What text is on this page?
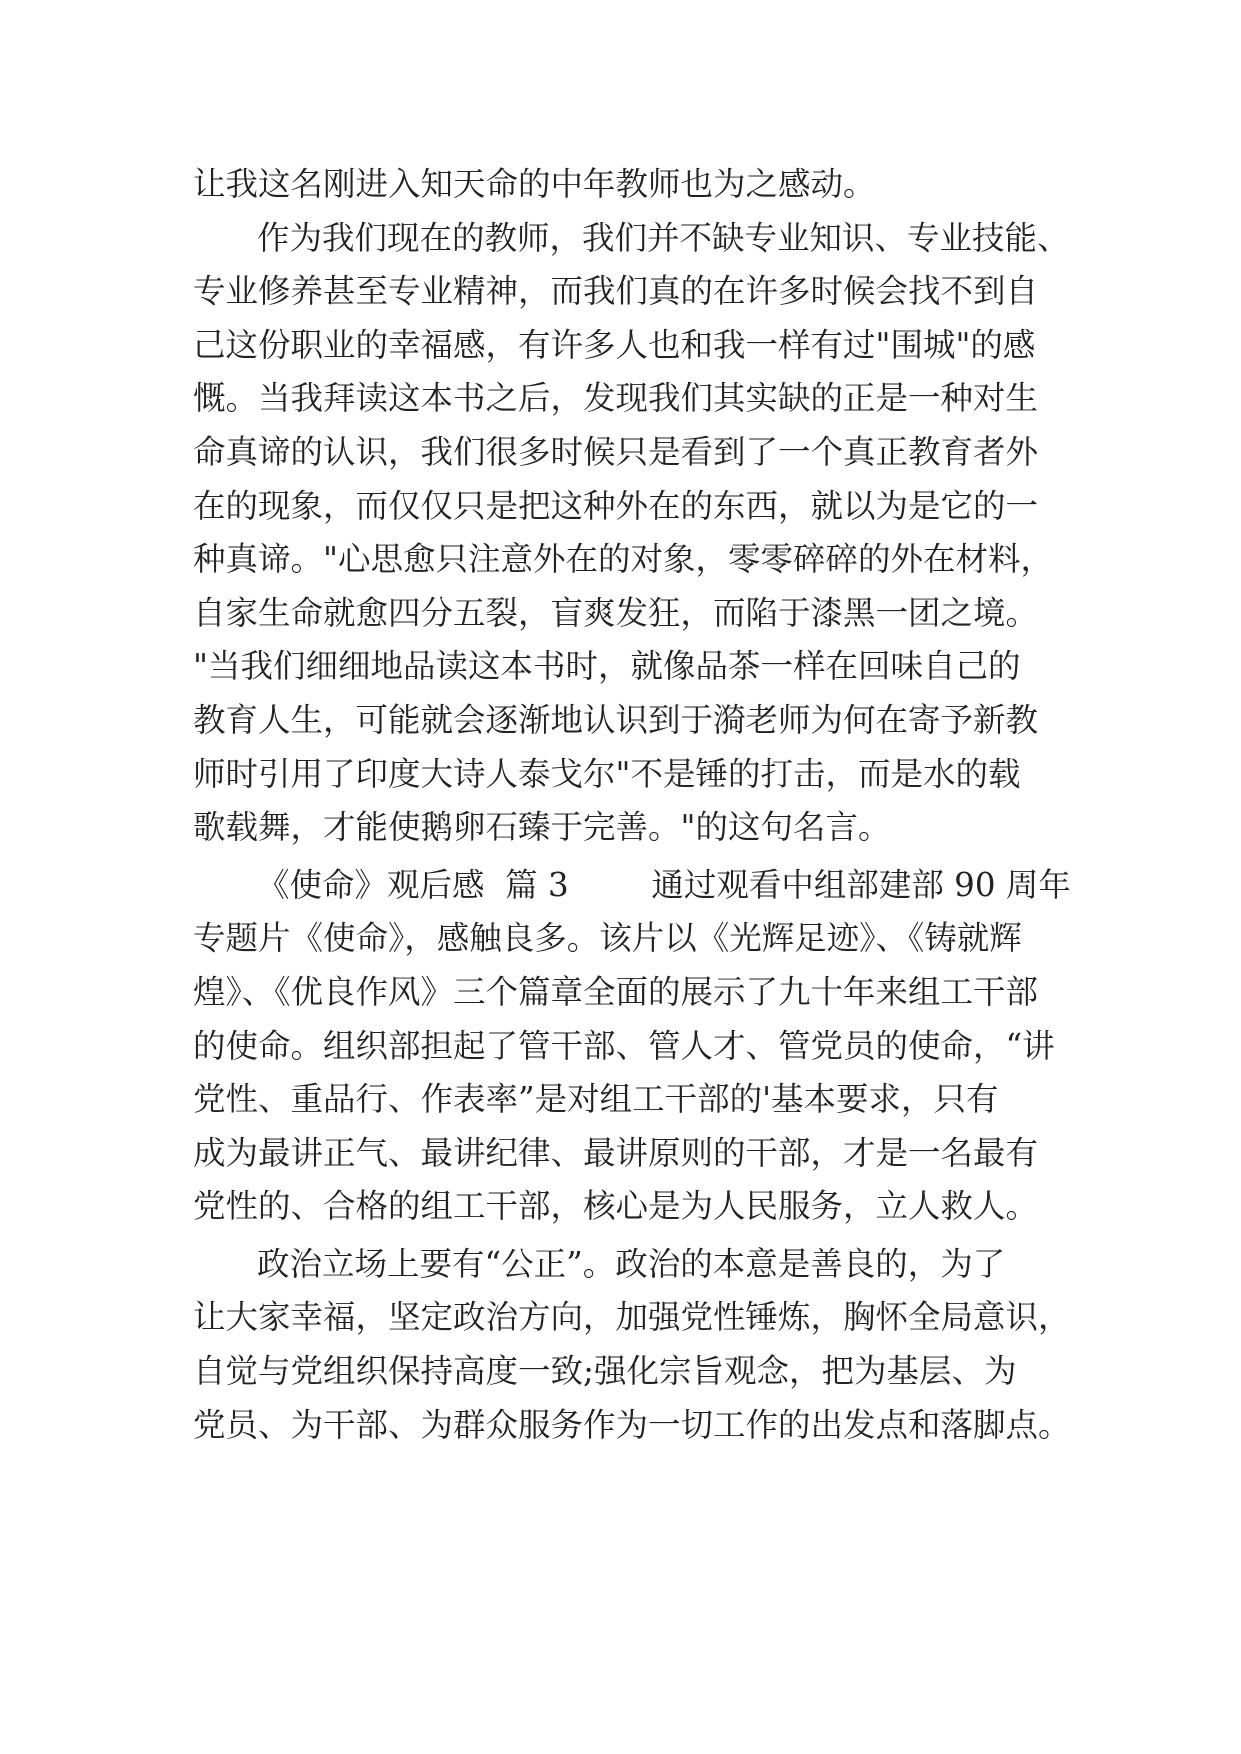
让我这名刚进入知天命的中年教师也为之感动。
作为我们现在的教师，我们并不缺专业知识、专业技能、
专业修养甚至专业精神，而我们真的在许多时候会找不到自
己这份职业的幸福感，有许多人也和我一样有过"围城"的感
慨。当我拜读这本书之后，发现我们其实缺的正是一种对生
命真谛的认识，我们很多时候只是看到了一个真正教育者外
在的现象，而仅仅只是把这种外在的东西，就以为是它的一
种真谛。"心思愈只注意外在的对象，零零碎碎的外在材料，
自家生命就愈四分五裂，盲爽发狂，而陷于漆黑一团之境。
"当我们细细地品读这本书时，就像品茶一样在回味自己的
教育人生，可能就会逐渐地认识到于漪老师为何在寄予新教
师时引用了印度大诗人泰戈尔"不是锤的打击，而是水的载
歌载舞，才能使鹅卵石臻于完善。"的这句名言。
《使命》观后感  篇 3        通过观看中组部建部 90 周年
专题片《使命》，感触良多。该片以《光辉足迹》、《铸就辉
煌》、《优良作风》三个篇章全面的展示了九十年来组工干部
的使命。组织部担起了管干部、管人才、管党员的使命，“讲
党性、重品行、作表率”是对组工干部的'基本要求，只有
成为最讲正气、最讲纪律、最讲原则的干部，才是一名最有
党性的、合格的组工干部，核心是为人民服务，立人救人。
政治立场上要有“公正”。政治的本意是善良的，为了
让大家幸福，坚定政治方向，加强党性锤炼，胸怀全局意识，
自觉与党组织保持高度一致;强化宗旨观念，把为基层、为
党员、为干部、为群众服务作为一切工作的出发点和落脚点。
